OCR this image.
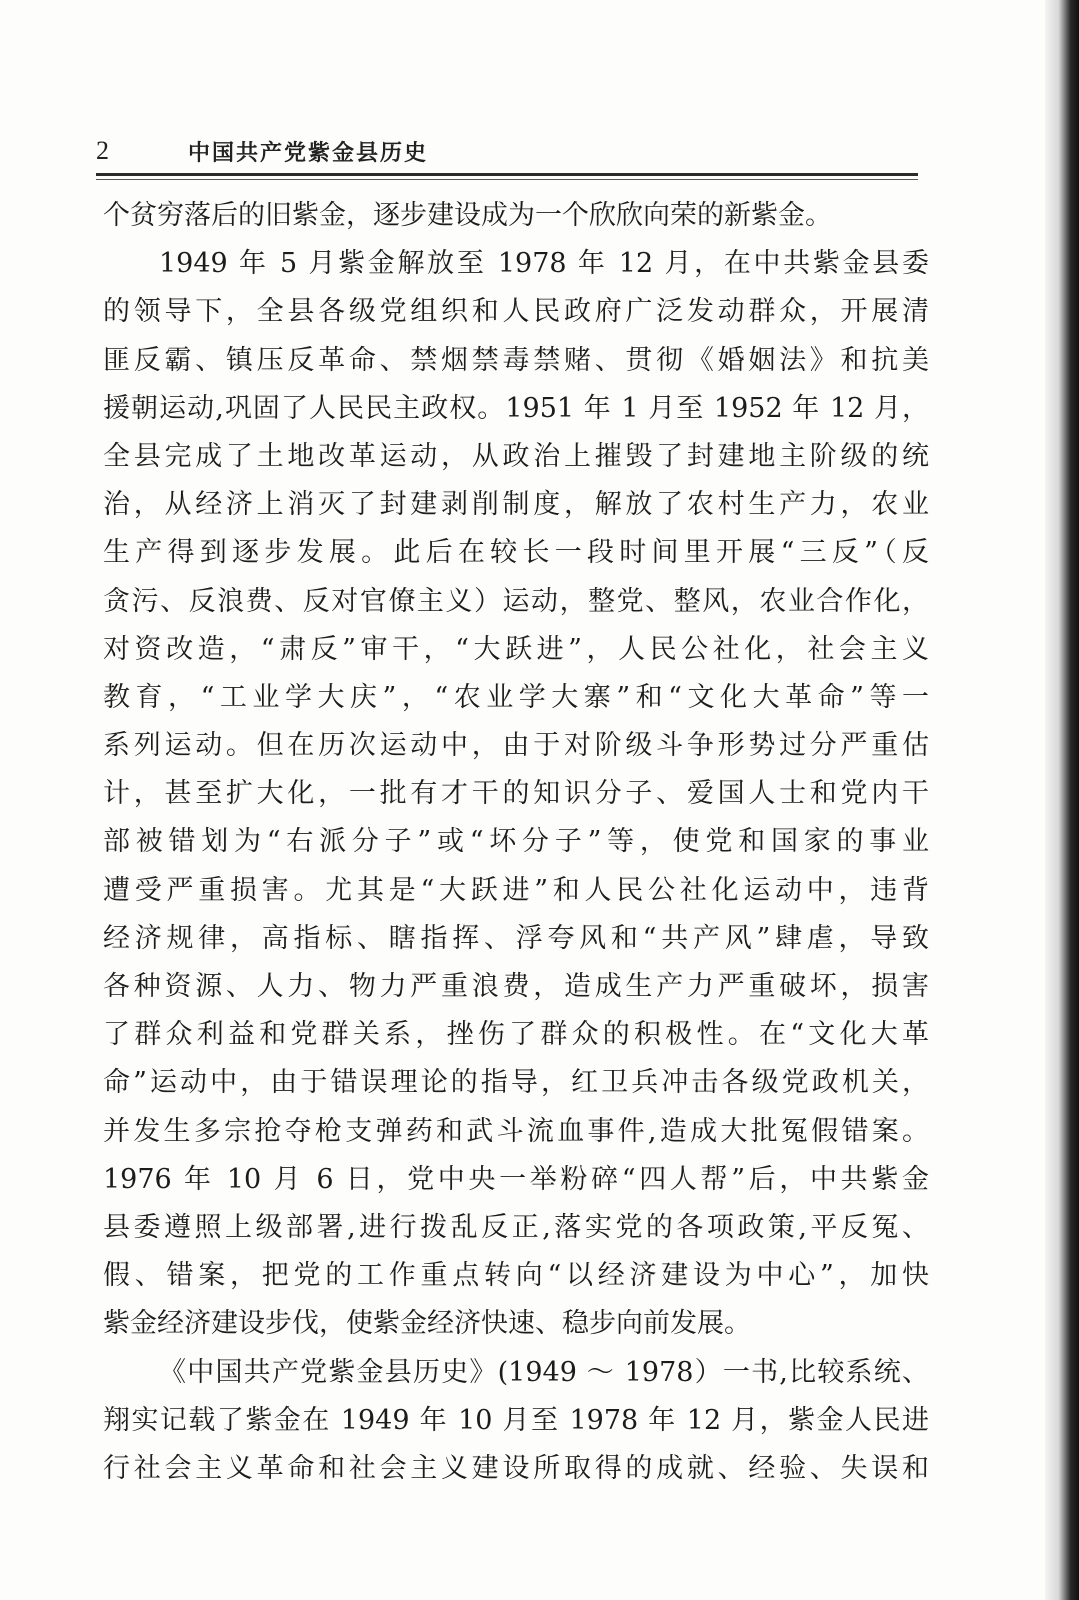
2	中国共产党紫金县历史
个贫穷落后的旧紫金，逐步建设成为一个欣欣向荣的新紫金。
1949 年 5 月紫金解放至 1978 年 12 月，在中共紫金县委
的领导下，全县各级党组织和人民政府广泛发动群众，开展清
匪反霸、镇压反革命、禁烟禁毒禁赌、贯彻《婚姻法》和抗美
援朝运动,巩固了人民民主政权。1951 年 1 月至 1952 年 12 月，
全县完成了土地改革运动，从政治上摧毁了封建地主阶级的统
治，从经济上消灭了封建剥削制度，解放了农村生产力，农业
生产得到逐步发展。此后在较长一段时间里开展“三反”（反
贪污、反浪费、反对官僚主义）运动，整党、整风，农业合作化，
对资改造，“肃反”审干，“大跃进”，人民公社化，社会主义
教育，“工业学大庆”，“农业学大寨”和“文化大革命”等一
系列运动。但在历次运动中，由于对阶级斗争形势过分严重估
计，甚至扩大化，一批有才干的知识分子、爱国人士和党内干
部被错划为“右派分子”或“坏分子”等，使党和国家的事业
遭受严重损害。尤其是“大跃进”和人民公社化运动中，违背
经济规律，高指标、瞎指挥、浮夸风和“共产风”肆虐，导致
各种资源、人力、物力严重浪费，造成生产力严重破坏，损害
了群众利益和党群关系，挫伤了群众的积极性。在“文化大革
命”运动中，由于错误理论的指导，红卫兵冲击各级党政机关，
并发生多宗抢夺枪支弹药和武斗流血事件,造成大批冤假错案。
1976 年 10 月 6 日，党中央一举粉碎“四人帮”后，中共紫金
县委遵照上级部署,进行拨乱反正,落实党的各项政策,平反冤、
假、错案，把党的工作重点转向“以经济建设为中心”，加快
紫金经济建设步伐，使紫金经济快速、稳步向前发展。
《中国共产党紫金县历史》(1949 ～ 1978）一书,比较系统、
翔实记载了紫金在 1949 年 10 月至 1978 年 12 月，紫金人民进
行社会主义革命和社会主义建设所取得的成就、经验、失误和
